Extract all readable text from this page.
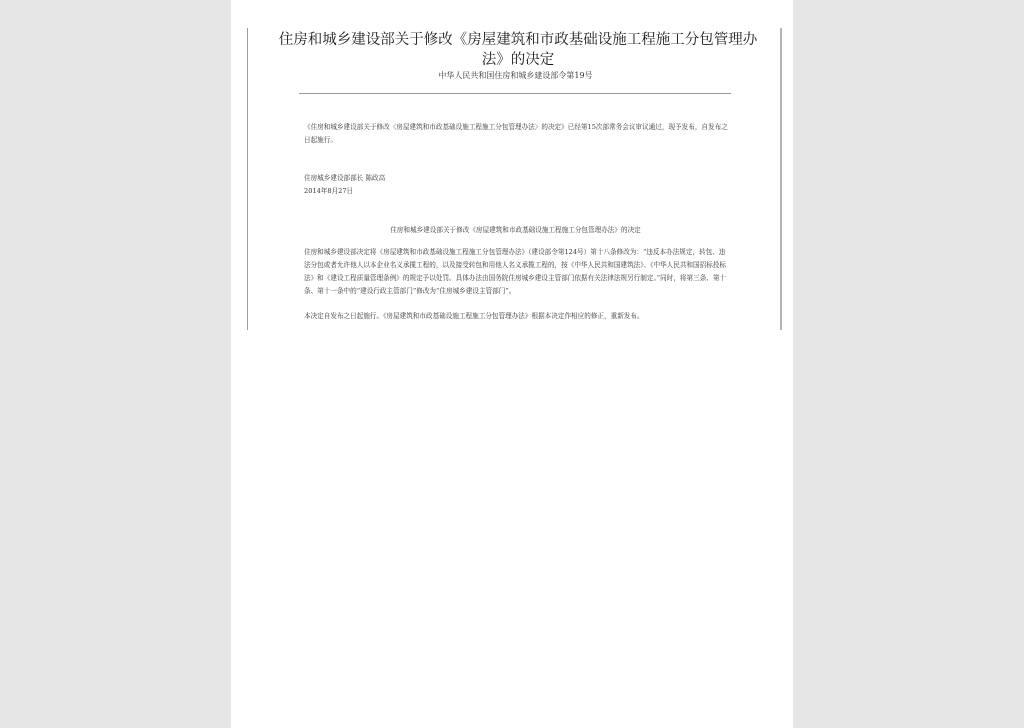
住房和城乡建设部关于修改《房屋建筑和市政基础设施工程施工分包管理办法》的决定
中华人民共和国住房和城乡建设部令第19号
《住房和城乡建设部关于修改〈房屋建筑和市政基础设施工程施工分包管理办法〉的决定》已经第15次部常务会议审议通过，现予发布，自发布之日起施行。
住房城乡建设部部长 陈政高
2014年8月27日
住房和城乡建设部关于修改《房屋建筑和市政基础设施工程施工分包管理办法》的决定
住房和城乡建设部决定将《房屋建筑和市政基础设施工程施工分包管理办法》（建设部令第124号）第十八条修改为：“违反本办法规定，转包、违法分包或者允许他人以本企业名义承揽工程的，以及接受转包和用他人名义承揽工程的，按《中华人民共和国建筑法》、《中华人民共和国招标投标法》和《建设工程质量管理条例》的规定予以处罚。具体办法由国务院住房城乡建设主管部门依据有关法律法规另行制定。”同时，将第三条、第十条、第十一条中的“建设行政主管部门”修改为“住房城乡建设主管部门”。
本决定自发布之日起施行。《房屋建筑和市政基础设施工程施工分包管理办法》根据本决定作相应的修正，重新发布。
